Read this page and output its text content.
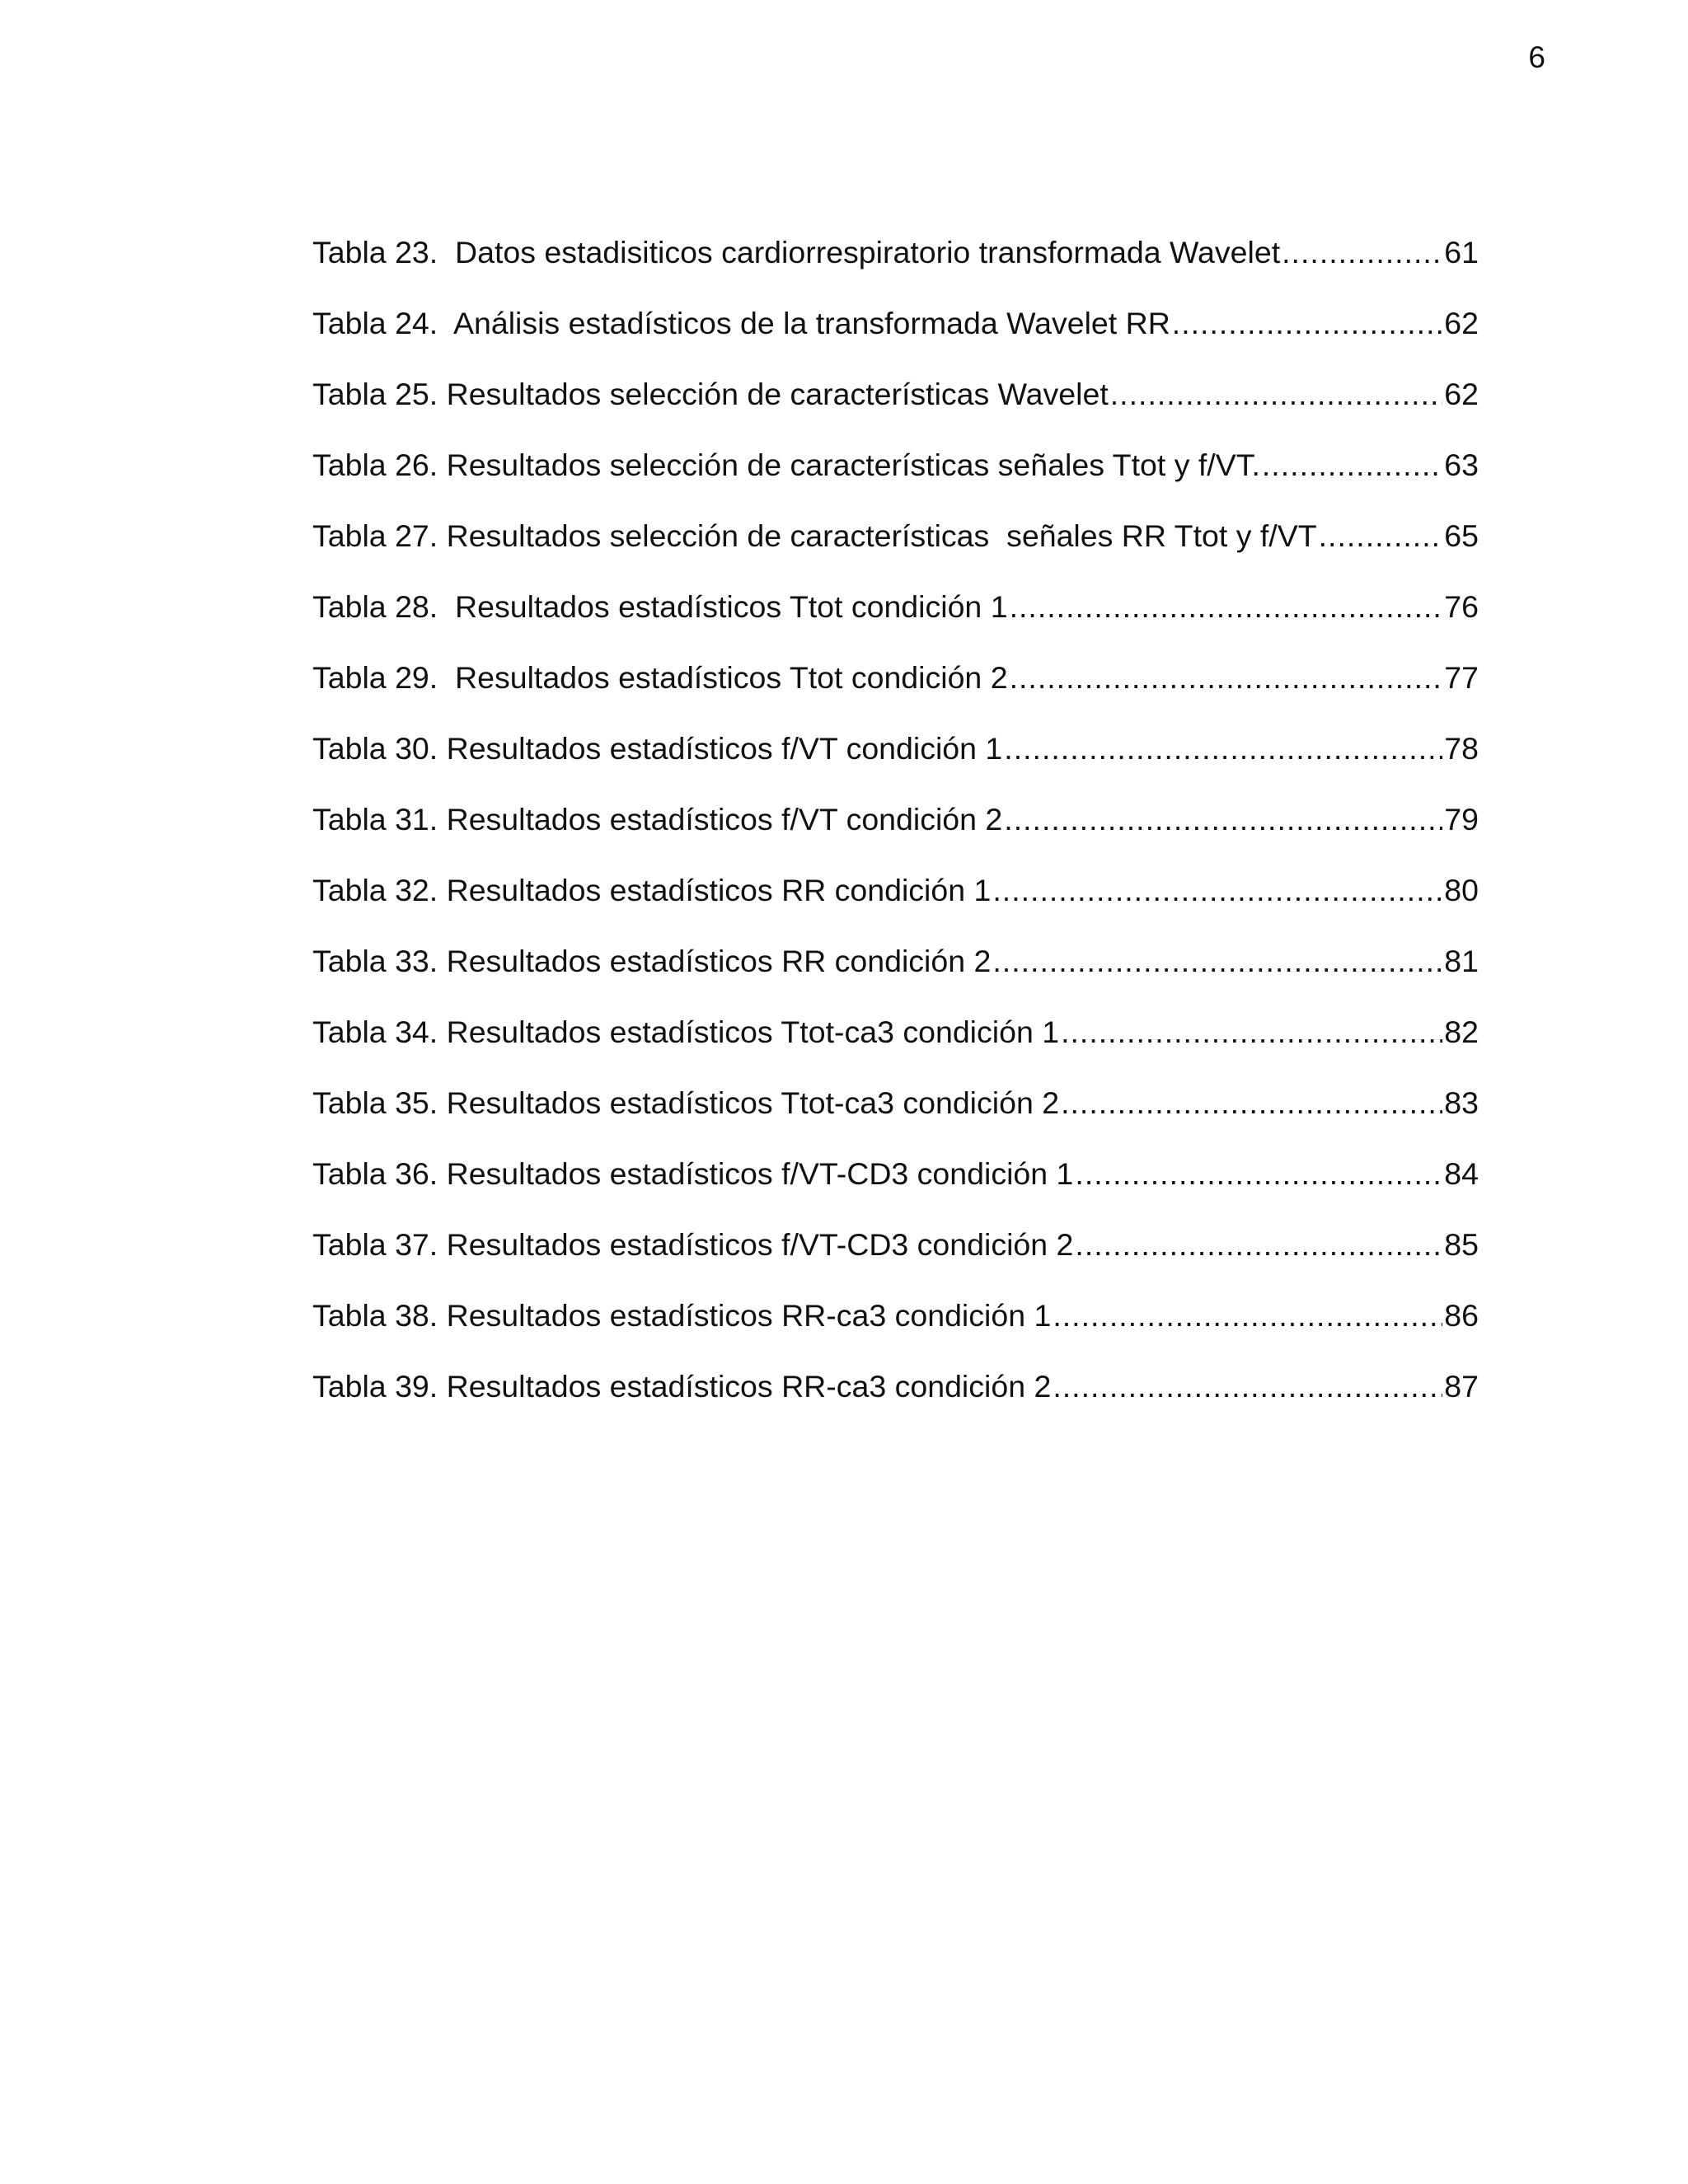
6
Tabla 23.  Datos estadisiticos cardiorrespiratorio transformada Wavelet .....	61
Tabla 24.  Análisis estadísticos de la transformada Wavelet RR .....	62
Tabla 25. Resultados selección de características Wavelet .....	62
Tabla 26. Resultados selección de características señales Ttot y f/VT. .....	63
Tabla 27. Resultados selección de características  señales RR Ttot y f/VT .....	65
Tabla 28.  Resultados estadísticos Ttot condición 1 .....	76
Tabla 29.  Resultados estadísticos Ttot condición 2 .....	77
Tabla 30. Resultados estadísticos f/VT condición 1 .....	78
Tabla 31. Resultados estadísticos f/VT condición 2 .....	79
Tabla 32. Resultados estadísticos RR condición 1 .....	80
Tabla 33. Resultados estadísticos RR condición 2 .....	81
Tabla 34. Resultados estadísticos Ttot-ca3 condición 1 .....	82
Tabla 35. Resultados estadísticos Ttot-ca3 condición 2 .....	83
Tabla 36. Resultados estadísticos f/VT-CD3 condición 1 .....	84
Tabla 37. Resultados estadísticos f/VT-CD3 condición 2 .....	85
Tabla 38. Resultados estadísticos RR-ca3 condición 1 .....	86
Tabla 39. Resultados estadísticos RR-ca3 condición 2 .....	87
